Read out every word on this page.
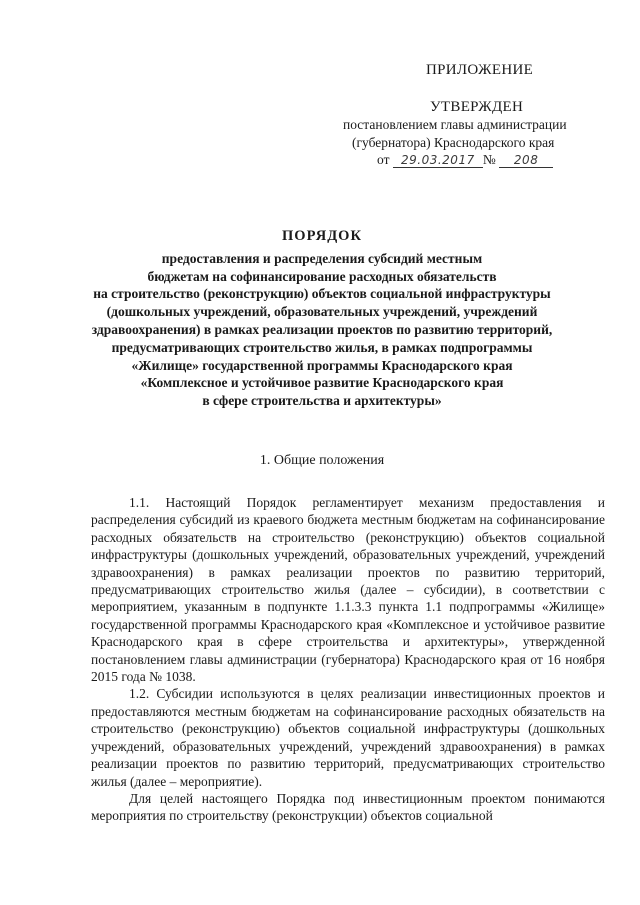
ПРИЛОЖЕНИЕ
УТВЕРЖДЕН
постановлением главы администрации
(губернатора) Краснодарского края
от 29.03.2017 № 208
ПОРЯДОК
предоставления и распределения субсидий местным
бюджетам на софинансирование расходных обязательств
на строительство (реконструкцию) объектов социальной инфраструктуры
(дошкольных учреждений, образовательных учреждений, учреждений
здравоохранения) в рамках реализации проектов по развитию территорий,
предусматривающих строительство жилья, в рамках подпрограммы
«Жилище» государственной программы Краснодарского края
«Комплексное и устойчивое развитие Краснодарского края
в сфере строительства и архитектуры»
1. Общие положения

1.1. Настоящий Порядок регламентирует механизм предоставления и распределения субсидий из краевого бюджета местным бюджетам на софинансирование расходных обязательств на строительство (реконструкцию) объектов социальной инфраструктуры (дошкольных учреждений, образовательных учреждений, учреждений здравоохранения) в рамках реализации проектов по развитию территорий, предусматривающих строительство жилья (далее – субсидии), в соответствии с мероприятием, указанным в подпункте 1.1.3.3 пункта 1.1 подпрограммы «Жилище» государственной программы Краснодарского края «Комплексное и устойчивое развитие Краснодарского края в сфере строительства и архитектуры», утвержденной постановлением главы администрации (губернатора) Краснодарского края от 16 ноября 2015 года № 1038.

1.2. Субсидии используются в целях реализации инвестиционных проектов и предоставляются местным бюджетам на софинансирование расходных обязательств на строительство (реконструкцию) объектов социальной инфраструктуры (дошкольных учреждений, образовательных учреждений, учреждений здравоохранения) в рамках реализации проектов по развитию территорий, предусматривающих строительство жилья (далее – мероприятие).

Для целей настоящего Порядка под инвестиционным проектом понимаются мероприятия по строительству (реконструкции) объектов социальной
